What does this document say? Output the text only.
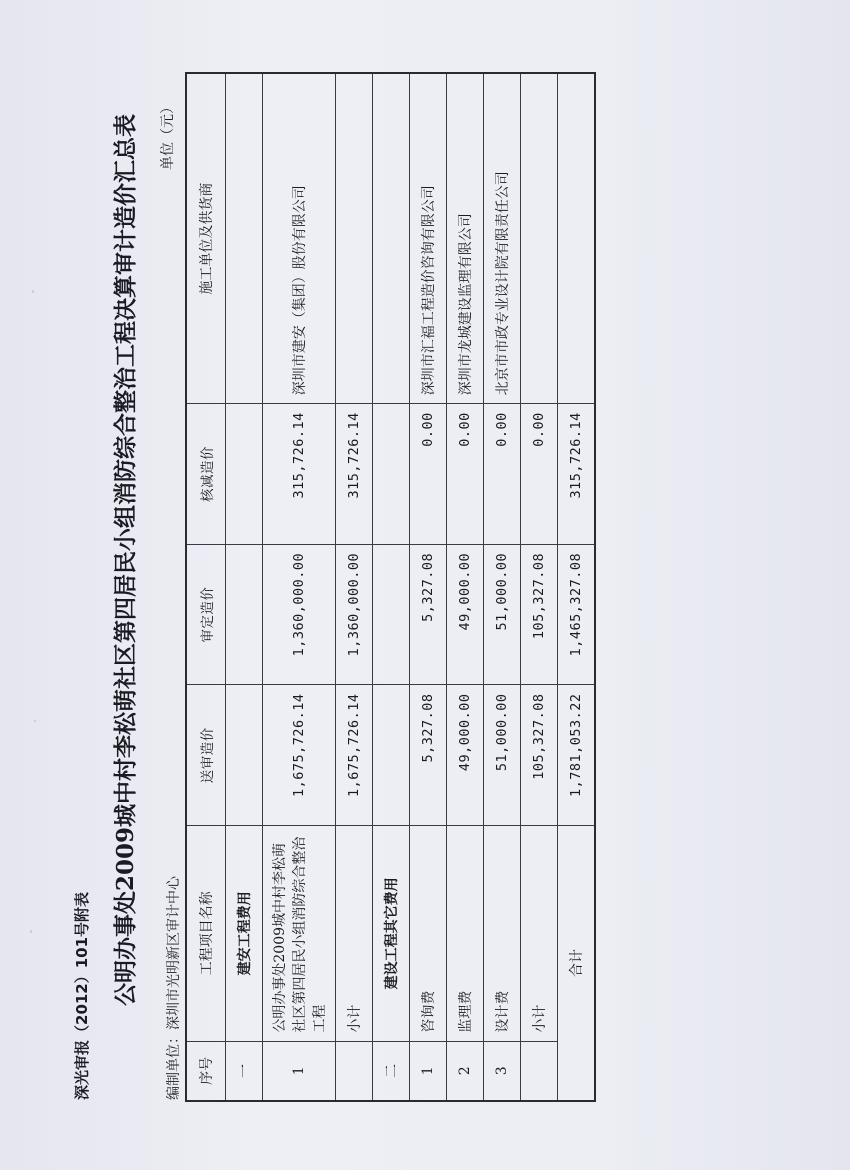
深光审报（2012）101号附表 公明办事处2009城中村李松萌社区第四居民小组消防综合整治工程决算审计造价汇总表 编制单位：深圳市光明新区审计中心
单位（元）
序号	工程项目名称	送审造价	审定造价	核减造价	施工单位及供货商
一	建安工程费用				
1	公明办事处2009城中村李松萌社区第四居民小组消防综合整治工程	1,675,726.14	1,360,000.00	315,726.14	深圳市建安（集团）股份有限公司
	小计	1,675,726.14	1,360,000.00	315,726.14	
二	建设工程其它费用				
1	咨询费	5,327.08	5,327.08	0.00	深圳市汇福工程造价咨询有限公司
2	监理费	49,000.00	49,000.00	0.00	深圳市龙城建设监理有限公司
3	设计费	51,000.00	51,000.00	0.00	北京市市政专业设计院有限责任公司
	小计	105,327.08	105,327.08	0.00	
合计		1,781,053.22	1,465,327.08	315,726.14	
